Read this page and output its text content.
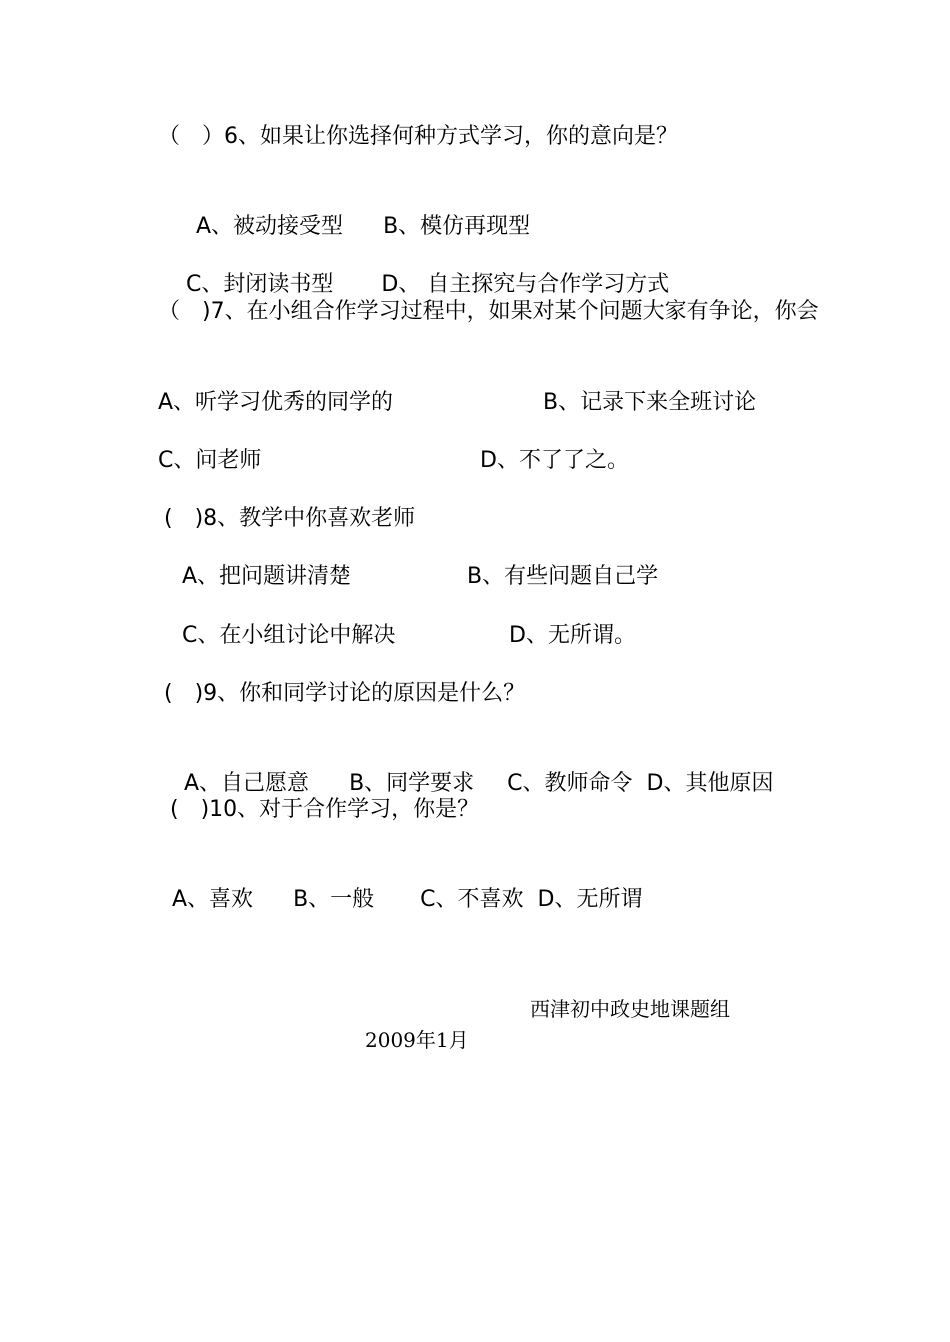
（　）6、如果让你选择何种方式学习，你的意向是？

A、被动接受型 B、模仿再现型

C、封闭读书型 D、 自主探究与合作学习方式

（　)7、在小组合作学习过程中，如果对某个问题大家有争论，你会
A、听学习优秀的同学的	B、记录下来全班讨论
C、问老师	D、不了了之。
(　)8、教学中你喜欢老师
A、把问题讲清楚	B、有些问题自己学
C、在小组讨论中解决	D、无所谓。
(　)9、你和同学讨论的原因是什么？

A、自己愿意 B、同学要求 C、教师命令 D、其他原因

(　)10、对于合作学习，你是？

A、喜欢 B、一般 C、不喜欢 D、无所谓

西津初中政史地课题组
2009年1月
